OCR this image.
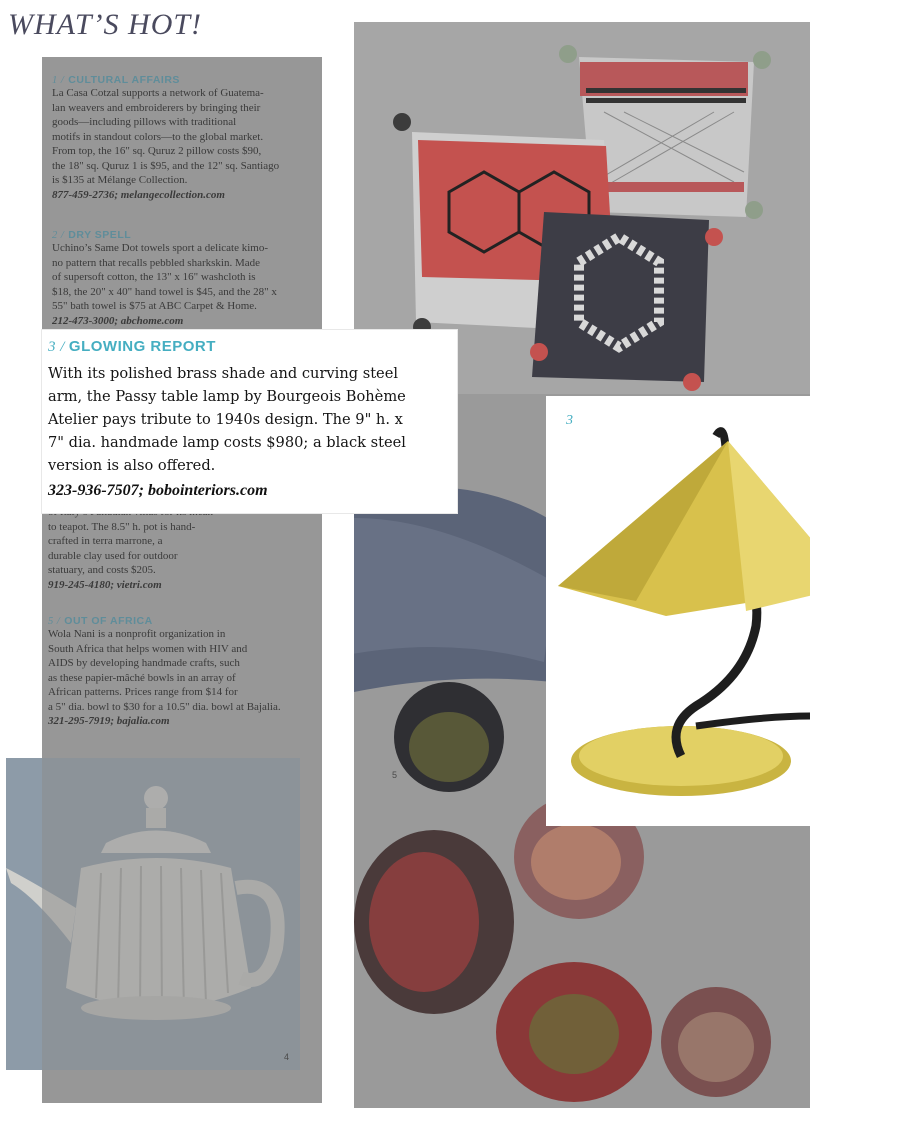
WHAT’S HOT!
5
1 / CULTURAL AFFAIRS
La Casa Cotzal supports a network of Guatema-
lan weavers and embroiderers by bringing their
goods—including pillows with traditional
motifs in standout colors—to the global market.
From top, the 16" sq. Quruz 2 pillow costs $90,
the 18" sq. Quruz 1 is $95, and the 12" sq. Santiago
is $135 at Mélange Collection.
877-459-2736; melangecollection.com
2 / DRY SPELL
Uchino’s Same Dot towels sport a delicate kimo-
no pattern that recalls pebbled sharkskin. Made
of supersoft cotton, the 13" x 16" washcloth is
$18, the 20" x 40" hand towel is $45, and the 28" x
55" bath towel is $75 at ABC Carpet & Home.
212-473-3000; abchome.com
to teapot. The 8.5" h. pot is hand-
crafted in terra marrone, a
durable clay used for outdoor
statuary, and costs $205.
919-245-4180; vietri.com
5 / OUT OF AFRICA
Wola Nani is a nonprofit organization in
South Africa that helps women with HIV and
AIDS by developing handmade crafts, such
as these papier-mâché bowls in an array of
African patterns. Prices range from $14 for
a 5" dia. bowl to $30 for a 10.5" dia. bowl at Bajalia.
321-295-7919; bajalia.com
4
3
3 / GLOWING REPORT
With its polished brass shade and curving steel
arm, the Passy table lamp by Bourgeois Bohème
Atelier pays tribute to 1940s design. The 9" h. x
7" dia. handmade lamp costs $980; a black steel
version is also offered.
323-936-7507; bobointeriors.com
